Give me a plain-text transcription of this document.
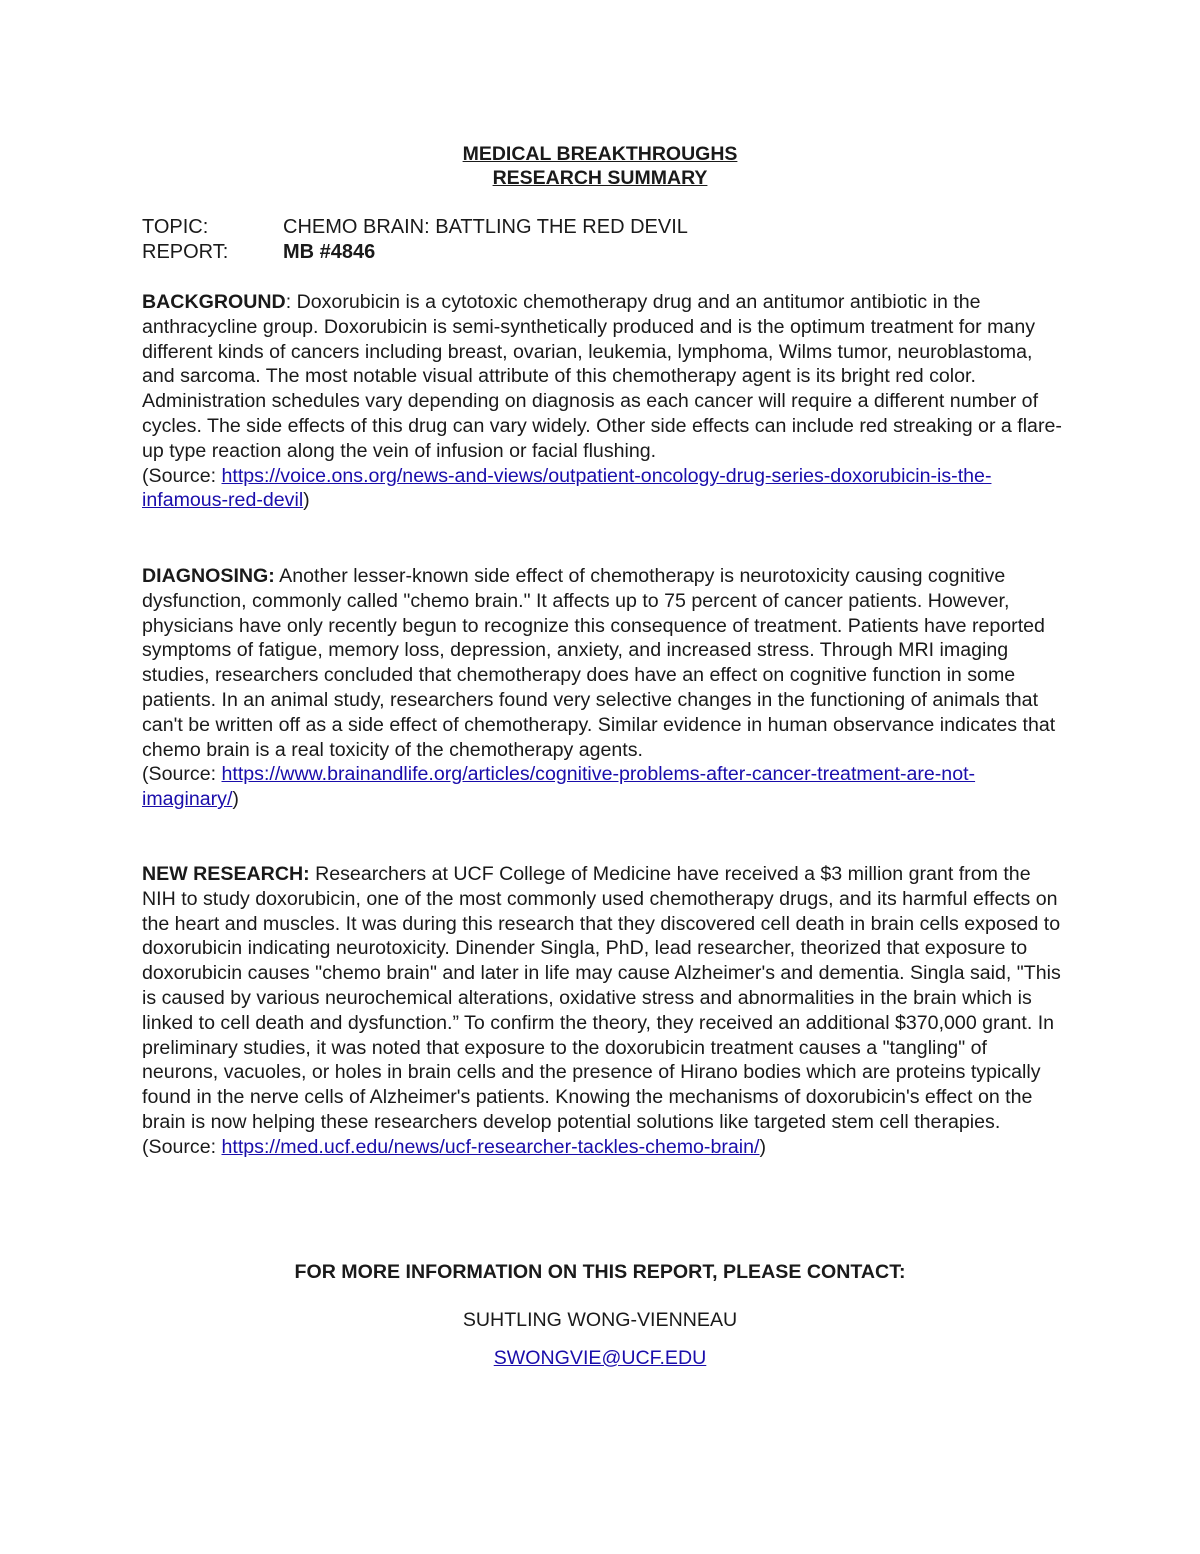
MEDICAL BREAKTHROUGHS
RESEARCH SUMMARY
TOPIC:	CHEMO BRAIN: BATTLING THE RED DEVIL
REPORT:	MB #4846

BACKGROUND: Doxorubicin is a cytotoxic chemotherapy drug and an antitumor antibiotic in the anthracycline group. Doxorubicin is semi-synthetically produced and is the optimum treatment for many different kinds of cancers including breast, ovarian, leukemia, lymphoma, Wilms tumor, neuroblastoma, and sarcoma. The most notable visual attribute of this chemotherapy agent is its bright red color. Administration schedules vary depending on diagnosis as each cancer will require a different number of cycles. The side effects of this drug can vary widely. Other side effects can include red streaking or a flare-up type reaction along the vein of infusion or facial flushing.
(Source: https://voice.ons.org/news-and-views/outpatient-oncology-drug-series-doxorubicin-is-the-infamous-red-devil)

DIAGNOSING: Another lesser-known side effect of chemotherapy is neurotoxicity causing cognitive dysfunction, commonly called "chemo brain." It affects up to 75 percent of cancer patients. However, physicians have only recently begun to recognize this consequence of treatment. Patients have reported symptoms of fatigue, memory loss, depression, anxiety, and increased stress. Through MRI imaging studies, researchers concluded that chemotherapy does have an effect on cognitive function in some patients. In an animal study, researchers found very selective changes in the functioning of animals that can't be written off as a side effect of chemotherapy. Similar evidence in human observance indicates that chemo brain is a real toxicity of the chemotherapy agents.
(Source: https://www.brainandlife.org/articles/cognitive-problems-after-cancer-treatment-are-not-imaginary/)

NEW RESEARCH: Researchers at UCF College of Medicine have received a $3 million grant from the NIH to study doxorubicin, one of the most commonly used chemotherapy drugs, and its harmful effects on the heart and muscles. It was during this research that they discovered cell death in brain cells exposed to doxorubicin indicating neurotoxicity. Dinender Singla, PhD, lead researcher, theorized that exposure to doxorubicin causes "chemo brain" and later in life may cause Alzheimer's and dementia. Singla said, "This is caused by various neurochemical alterations, oxidative stress and abnormalities in the brain which is linked to cell death and dysfunction.” To confirm the theory, they received an additional $370,000 grant. In preliminary studies, it was noted that exposure to the doxorubicin treatment causes a "tangling" of neurons, vacuoles, or holes in brain cells and the presence of Hirano bodies which are proteins typically found in the nerve cells of Alzheimer's patients. Knowing the mechanisms of doxorubicin's effect on the brain is now helping these researchers develop potential solutions like targeted stem cell therapies.
(Source: https://med.ucf.edu/news/ucf-researcher-tackles-chemo-brain/)

FOR MORE INFORMATION ON THIS REPORT, PLEASE CONTACT:
SUHTLING WONG-VIENNEAU
SWONGVIE@UCF.EDU
